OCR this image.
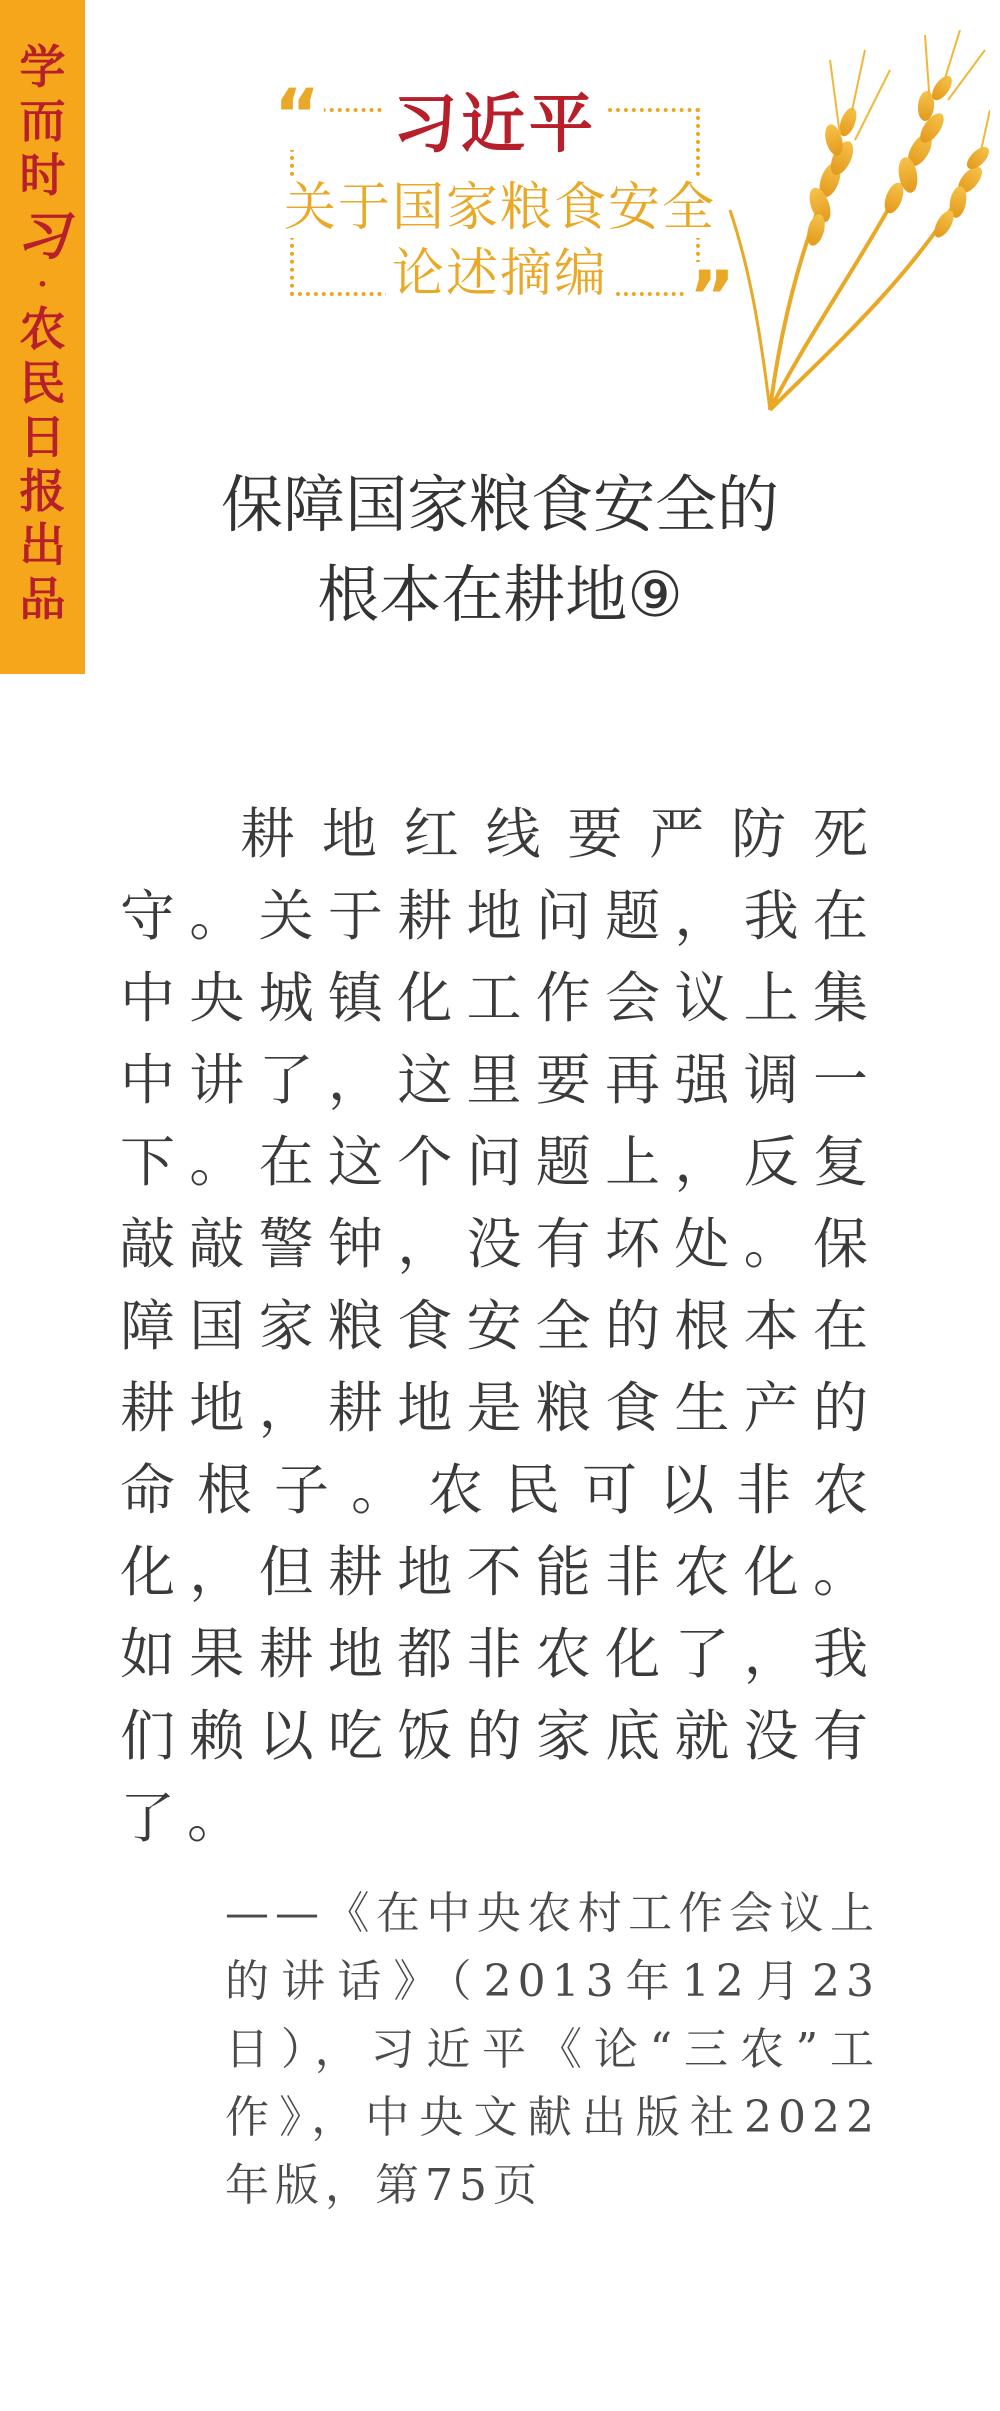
学
而
时
习
·
农
民
日
报
出
品
“
”
习近平
关于国家粮食安全
论述摘编
保障国家粮食安全的
根本在耕地⑨

耕地红线要严防死守。关于耕地问题，我在中央城镇化工作会议上集中讲了，这里要再强调一下。在这个问题上，反复敲敲警钟，没有坏处。保障国家粮食安全的根本在耕地，耕地是粮食生产的命根子。农民可以非农化，但耕地不能非农化。如果耕地都非农化了，我们赖以吃饭的家底就没有了。

——《在中央农村工作会议上的讲话》（2013年12月23日），习近平《论“三农”工作》，中央文献出版社2022年版，第75页
